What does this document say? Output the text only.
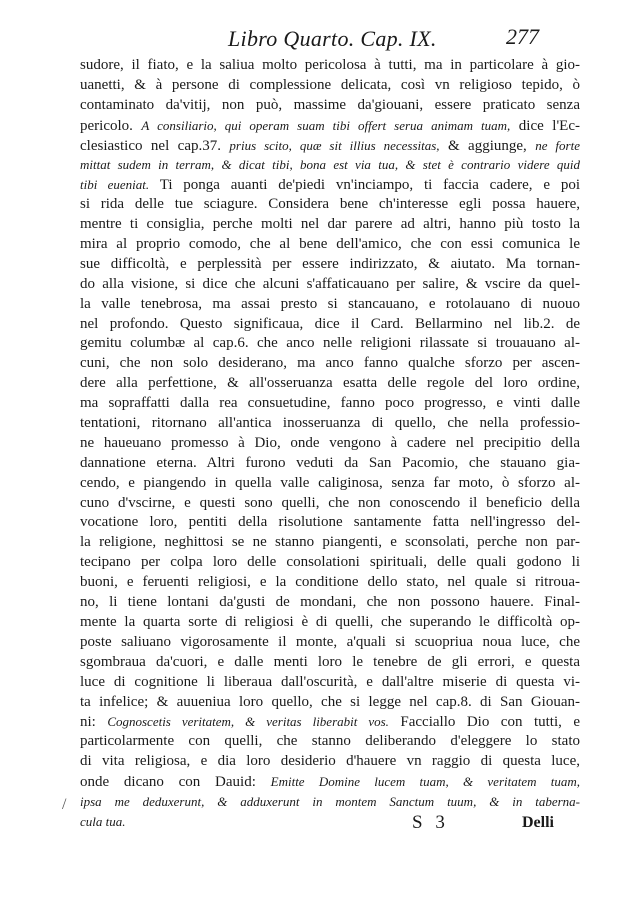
Libro Quarto. Cap. IX.	277
sudore, il fiato, e la saliua molto pericolosa à tutti, ma in particolare à gio-
uanetti, & à persone di complessione delicata, così vn religioso tepido, ò
contaminato da'vitij, non può, massime da'giouani, essere praticato senza
pericolo. A consiliario, qui operam suam tibi offert serua animam tuam, dice l'Ec-
clesiastico nel cap.37. prius scito, quæ sit illius necessitas, & aggiunge, ne forte
mittat sudem in terram, & dicat tibi, bona est via tua, & stet è contrario videre quid
tibi eueniat. Ti ponga auanti de'piedi vn'inciampo, ti faccia cadere, e poi
si rida delle tue sciagure. Considera bene ch'interesse egli possa hauere,
mentre ti consiglia, perche molti nel dar parere ad altri, hanno più tosto la
mira al proprio comodo, che al bene dell'amico, che con essi comunica le
sue difficoltà, e perplessità per essere indirizzato, & aiutato. Ma tornan-
do alla visione, si dice che alcuni s'affaticauano per salire, & vscire da quel-
la valle tenebrosa, ma assai presto si stancauano, e rotolauano di nuouo
nel profondo. Questo significaua, dice il Card. Bellarmino nel lib.2. de
gemitu columbæ al cap.6. che anco nelle religioni rilassate si trouauano al-
cuni, che non solo desiderano, ma anco fanno qualche sforzo per ascen-
dere alla perfettione, & all'osseruanza esatta delle regole del loro ordine,
ma sopraffatti dalla rea consuetudine, fanno poco progresso, e vinti dalle
tentationi, ritornano all'antica inosseruanza di quello, che nella professio-
ne haueuano promesso à Dio, onde vengono à cadere nel precipitio della
dannatione eterna. Altri furono veduti da San Pacomio, che stauano gia-
cendo, e piangendo in quella valle caliginosa, senza far moto, ò sforzo al-
cuno d'vscirne, e questi sono quelli, che non conoscendo il beneficio della
vocatione loro, pentiti della risolutione santamente fatta nell'ingresso del-
la religione, neghittosi se ne stanno piangenti, e sconsolati, perche non par-
tecipano per colpa loro delle consolationi spirituali, delle quali godono li
buoni, e feruenti religiosi, e la conditione dello stato, nel quale si ritroua-
no, li tiene lontani da'gusti de mondani, che non possono hauere. Final-
mente la quarta sorte di religiosi è di quelli, che superando le difficoltà op-
poste saliuano vigorosamente il monte, a'quali si scuopriua noua luce, che
sgombraua da'cuori, e dalle menti loro le tenebre de gli errori, e questa
luce di cognitione li liberaua dall'oscurità, e dall'altre miserie di questa vi-
ta infelice; & auueniua loro quello, che si legge nel cap.8. di San Giouan-
ni: Cognoscetis veritatem, & veritas liberabit vos. Facciallo Dio con tutti, e
particolarmente con quelli, che stanno deliberando d'eleggere lo stato
di vita religiosa, e dia loro desiderio d'hauere vn raggio di questa luce,
onde dicano con Dauid: Emitte Domine lucem tuam, & veritatem tuam,
ipsa me deduxerunt, & adduxerunt in montem Sanctum tuum, & in taberna-
cula tua.
/
S 3	Delli
